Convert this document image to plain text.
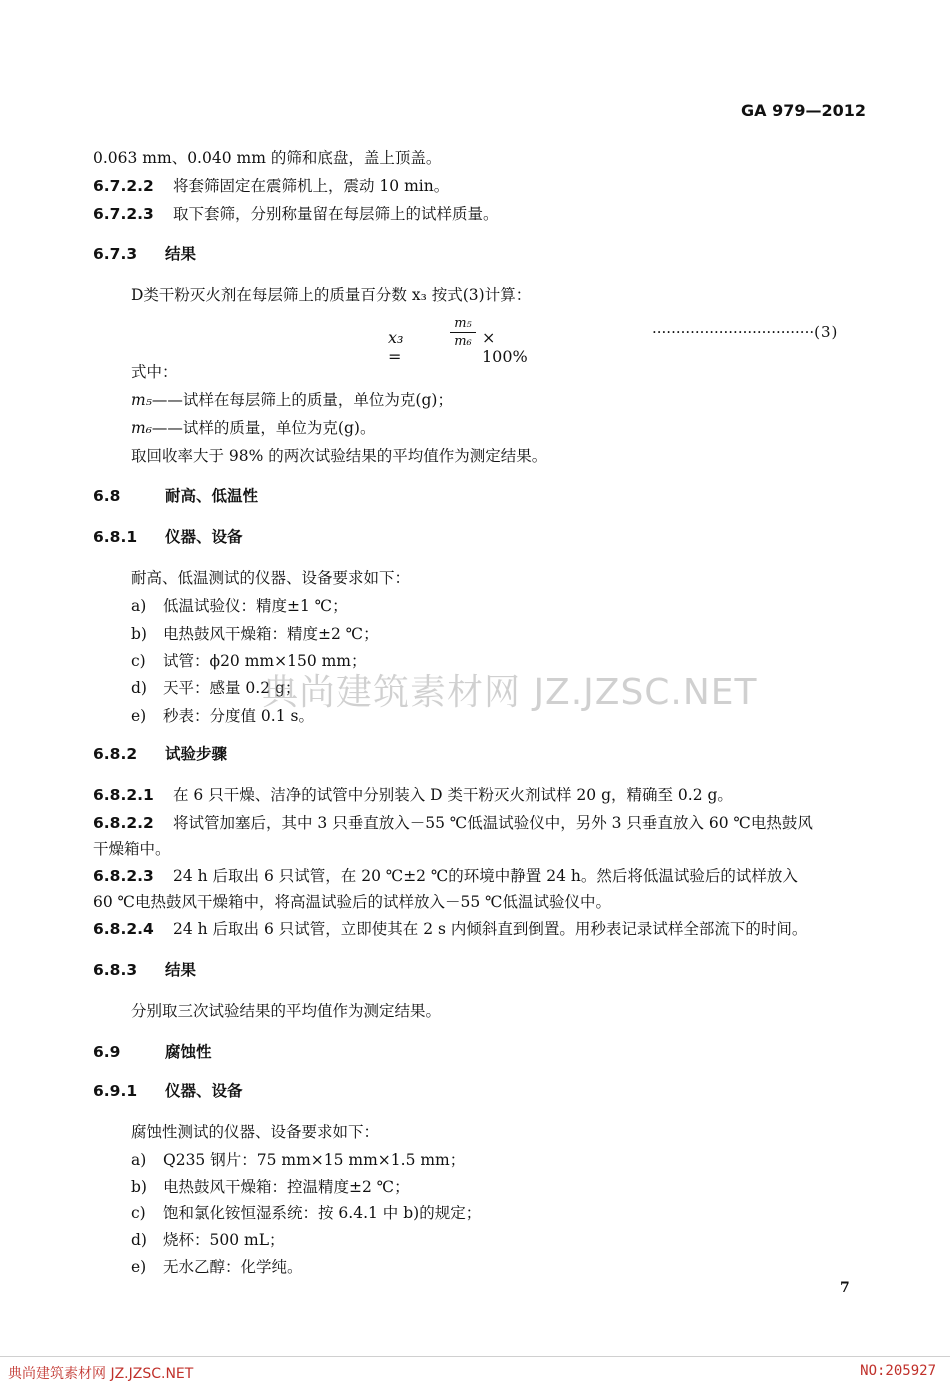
GA 979—2012
0.063 mm、0.040 mm 的筛和底盘，盖上顶盖。
6.7.2.2 将套筛固定在震筛机上，震动 10 min。
6.7.2.3 取下套筛，分别称量留在每层筛上的试样质量。
6.7.3 结果
D类干粉灭火剂在每层筛上的质量百分数 x₃ 按式(3)计算：
x₃ =
m₅
m₆ × 100%
··································(3)
式中：
m₅——试样在每层筛上的质量，单位为克(g)；
m₆——试样的质量，单位为克(g)。
取回收率大于 98% 的两次试验结果的平均值作为测定结果。
6.8	耐高、低温性
6.8.1 仪器、设备
耐高、低温测试的仪器、设备要求如下：
a) 低温试验仪：精度±1 ℃；
b) 电热鼓风干燥箱：精度±2 ℃；
c) 试管：ϕ20 mm×150 mm；
d) 天平：感量 0.2 g；
e) 秒表：分度值 0.1 s。
6.8.2 试验步骤
6.8.2.1 在 6 只干燥、洁净的试管中分别装入 D 类干粉灭火剂试样 20 g，精确至 0.2 g。
6.8.2.2 将试管加塞后，其中 3 只垂直放入－55 ℃低温试验仪中，另外 3 只垂直放入 60 ℃电热鼓风
干燥箱中。
6.8.2.3 24 h 后取出 6 只试管，在 20 ℃±2 ℃的环境中静置 24 h。然后将低温试验后的试样放入
60 ℃电热鼓风干燥箱中，将高温试验后的试样放入－55 ℃低温试验仪中。
6.8.2.4 24 h 后取出 6 只试管，立即使其在 2 s 内倾斜直到倒置。用秒表记录试样全部流下的时间。
6.8.3 结果
分别取三次试验结果的平均值作为测定结果。
6.9	腐蚀性
6.9.1 仪器、设备
腐蚀性测试的仪器、设备要求如下：
a) Q235 钢片：75 mm×15 mm×1.5 mm；
b) 电热鼓风干燥箱：控温精度±2 ℃；
c) 饱和氯化铵恒湿系统：按 6.4.1 中 b)的规定；
d) 烧杯：500 mL；
e) 无水乙醇：化学纯。
典尚建筑素材网 JZ.JZSC.NET
7
典尚建筑素材网 JZ.JZSC.NET	NO:205927
